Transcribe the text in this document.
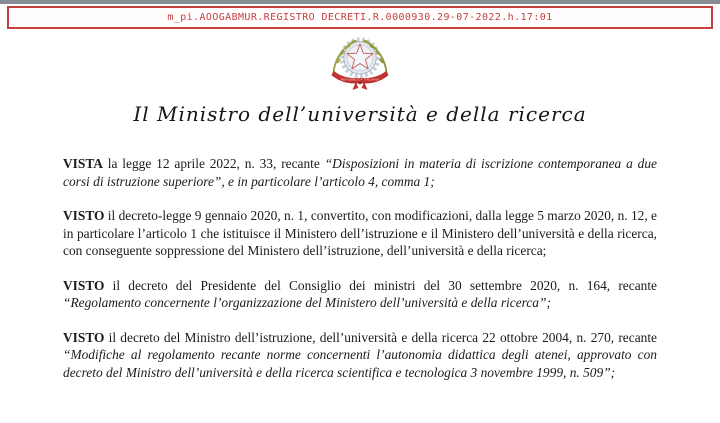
m_pi.AOOGABMUR.REGISTRO DECRETI.R.0000930.29-07-2022.h.17:01
REPUBBLICA ITALIANA
Il Ministro dell’università e della ricerca

VISTA la legge 12 aprile 2022, n. 33, recante “Disposizioni in materia di iscrizione contemporanea a due corsi di istruzione superiore”, e in particolare l’articolo 4, comma 1;

VISTO il decreto-legge 9 gennaio 2020, n. 1, convertito, con modificazioni, dalla legge 5 marzo 2020, n. 12, e in particolare l’articolo 1 che istituisce il Ministero dell’istruzione e il Ministero dell’università e della ricerca, con conseguente soppressione del Ministero dell’istruzione, dell’università e della ricerca;

VISTO il decreto del Presidente del Consiglio dei ministri del 30 settembre 2020, n. 164, recante “Regolamento concernente l’organizzazione del Ministero dell’università e della ricerca”;

VISTO il decreto del Ministro dell’istruzione, dell’università e della ricerca 22 ottobre 2004, n. 270, recante “Modifiche al regolamento recante norme concernenti l’autonomia didattica degli atenei, approvato con decreto del Ministro dell’università e della ricerca scientifica e tecnologica 3 novembre 1999, n. 509”;
